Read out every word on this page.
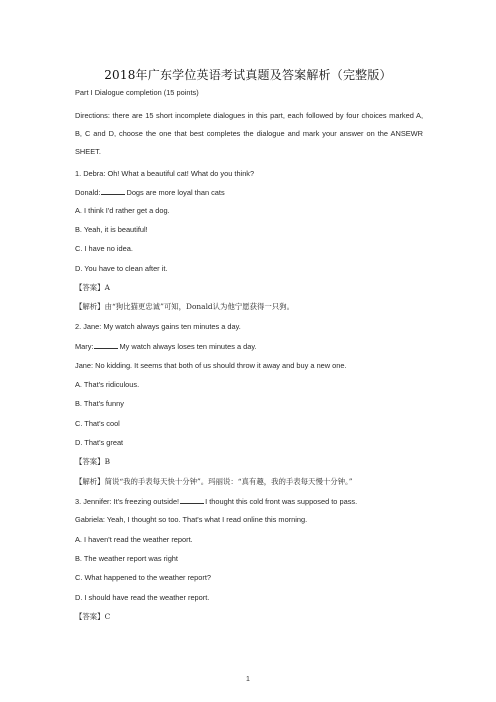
2018年广东学位英语考试真题及答案解析（完整版）
Part I Dialogue completion (15 points)
Directions: there are 15 short incomplete dialogues in this part, each followed by four choices marked A, B, C and D, choose the one that best completes the dialogue and mark your answer on the ANSEWR SHEET.
1. Debra: Oh! What a beautiful cat! What do you think?
Donald:	Dogs are more loyal than cats
A. I think I'd rather get a dog.
B. Yeah, it is beautiful!
C. I have no idea.
D. You have to clean after it.
【答案】A
【解析】由“狗比猫更忠诚”可知，Donald认为他宁愿获得一只狗。
2. Jane: My watch always gains ten minutes a day.
Mary:	My watch always loses ten minutes a day.
Jane: No kidding. It seems that both of us should throw it away and buy a new one.
A. That's ridiculous.
B. That's funny
C. That's cool
D. That's great
【答案】B
【解析】简说“我的手表每天快十分钟”。玛丽说：“真有趣，我的手表每天慢十分钟。”
3. Jennifer: It's freezing outside!	I thought this cold front was supposed to pass.
Gabriela: Yeah, I thought so too. That's what I read online this morning.
A. I haven't read the weather report.
B. The weather report was right
C. What happened to the weather report?
D. I should have read the weather report.
【答案】C
1
